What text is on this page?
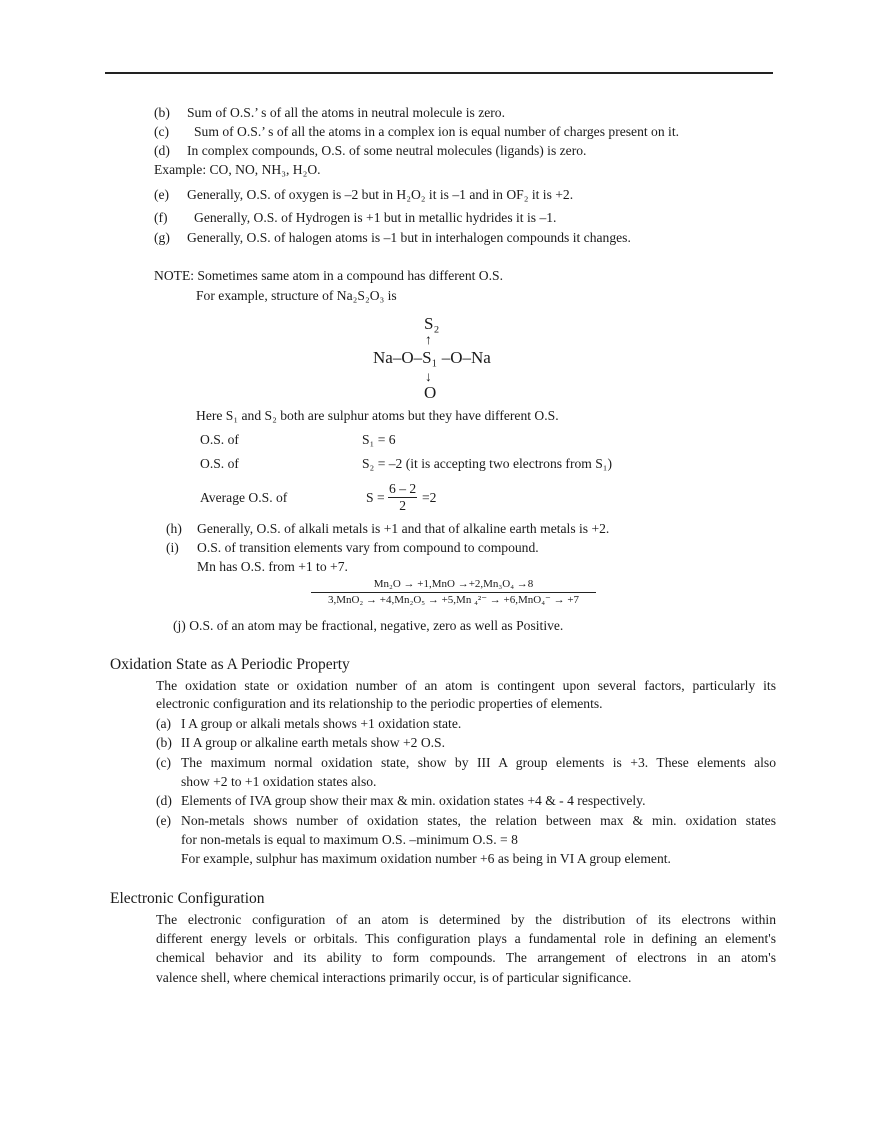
(b) Sum of O.S.’ s of all the atoms in neutral molecule is zero.
(c) Sum of O.S.’ s of all the atoms in a complex ion is equal number of charges present on it.
(d) In complex compounds, O.S. of some neutral molecules (ligands) is zero.
Example: CO, NO, NH₃, H₂O.
(e) Generally, O.S. of oxygen is –2 but in H₂O₂ it is –1 and in OF₂ it is +2.
(f) Generally, O.S. of Hydrogen is +1 but in metallic hydrides it is –1.
(g) Generally, O.S. of halogen atoms is –1 but in interhalogen compounds it changes.
NOTE: Sometimes same atom in a compound has different O.S.
For example, structure of Na₂S₂O₃ is
S₂
↑
Na–O–S₁ –O–Na
↓
O
Here S₁ and S₂ both are sulphur atoms but they have different O.S.
O.S. of	S₁ = 6
O.S. of	S₂ = –2 (it is accepting two electrons from S₁)
Average O.S. of	$S = \frac{6 - 2}{2} =2$
(h) Generally, O.S. of alkali metals is +1 and that of alkaline earth metals is +2.
(i) O.S. of transition elements vary from compound to compound.
Mn has O.S. from +1 to +7.
Mn₂O → +1,MnO →+2,Mn₃O₄ →8
3,MnO₂ → +4,Mn₂O₅ → +5,Mn ₄²⁻ → +6,MnO₄⁻ → +7
(j) O.S. of an atom may be fractional, negative, zero as well as Positive.
Oxidation State as A Periodic Property
The oxidation state or oxidation number of an atom is contingent upon several factors, particularly its
electronic configuration and its relationship to the periodic properties of elements.
(a) I A group or alkali metals shows +1 oxidation state.
(b) II A group or alkaline earth metals show +2 O.S.
(c) The maximum normal oxidation state, show by III A group elements is +3. These elements also
show +2 to +1 oxidation states also.
(d) Elements of IVA group show their max & min. oxidation states +4 & - 4 respectively.
(e) Non-metals shows number of oxidation states, the relation between max & min. oxidation states
for non-metals is equal to maximum O.S. –minimum O.S. = 8
For example, sulphur has maximum oxidation number +6 as being in VI A group element.
Electronic Configuration
The electronic configuration of an atom is determined by the distribution of its electrons within
different energy levels or orbitals. This configuration plays a fundamental role in defining an element's
chemical behavior and its ability to form compounds. The arrangement of electrons in an atom's
valence shell, where chemical interactions primarily occur, is of particular significance.
